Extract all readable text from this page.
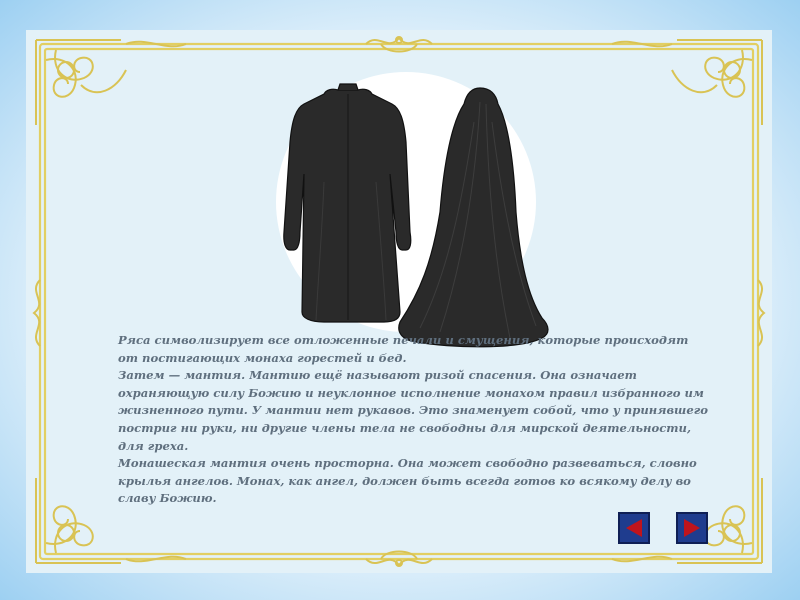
Ряса символизирует все отложенные печали и смущения, которые происходят от постигающих монаха горестей и бед.

Затем — мантия. Мантию ещё называют ризой спасения. Она означает охраняющую силу Божию и неуклонное исполнение монахом правил избранного им жизненного пути. У мантии нет рукавов. Это знаменует собой, что у принявшего постриг ни руки, ни другие члены тела не свободны для мирской деятельности, для греха.

Монашеская мантия очень просторна. Она может свободно развеваться, словно крылья ангелов. Монах, как ангел, должен быть всегда готов ко всякому делу во славу Божию.
